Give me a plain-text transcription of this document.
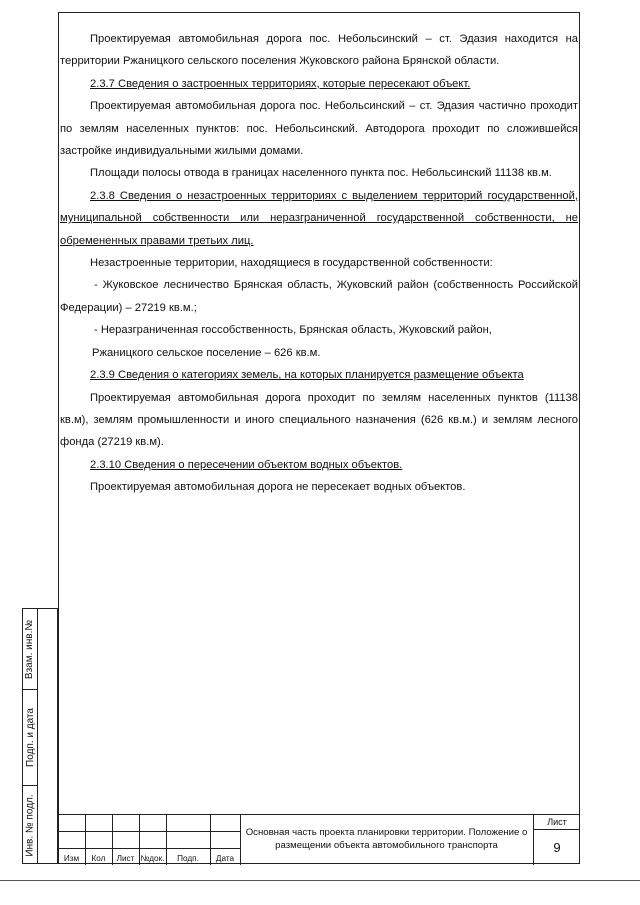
Проектируемая автомобильная дорога пос. Небольсинский – ст. Эдазия находится на территории Ржаницкого сельского поселения Жуковского района Брянской области.

2.3.7 Сведения о застроенных территориях, которые пересекают объект.

Проектируемая автомобильная дорога пос. Небольсинский – ст. Эдазия частично проходит по землям населенных пунктов: пос. Небольсинский. Автодорога проходит по сложившейся застройке индивидуальными жилыми домами.

Площади полосы отвода в границах населенного пункта пос. Небольсинский 11138 кв.м.

2.3.8 Сведения о незастроенных территориях с выделением территорий государственной, муниципальной собственности или неразграниченной государственной собственности, не обремененных правами третьих лиц.

Незастроенные территории, находящиеся в государственной собственности:

- Жуковское лесничество Брянская область, Жуковский район (собственность Российской Федерации) – 27219 кв.м.;

- Неразграниченная госсобственность, Брянская область, Жуковский район,

Ржаницкого сельское поселение – 626 кв.м.

2.3.9 Сведения о категориях земель, на которых планируется размещение объекта

Проектируемая автомобильная дорога проходит по землям населенных пунктов (11138 кв.м), землям промышленности и иного специального назначения (626 кв.м.) и землям лесного фонда (27219 кв.м).

2.3.10 Сведения о пересечении объектом водных объектов.

Проектируемая автомобильная дорога не пересекает водных объектов.

Взам. инв.№
Подп. и дата
Инв. № подл.
Изм	Кол	Лист №док.	Подп.	Дата
Основная часть проекта планировки территории. Положение о размещении объекта автомобильного транспорта
Лист
9
